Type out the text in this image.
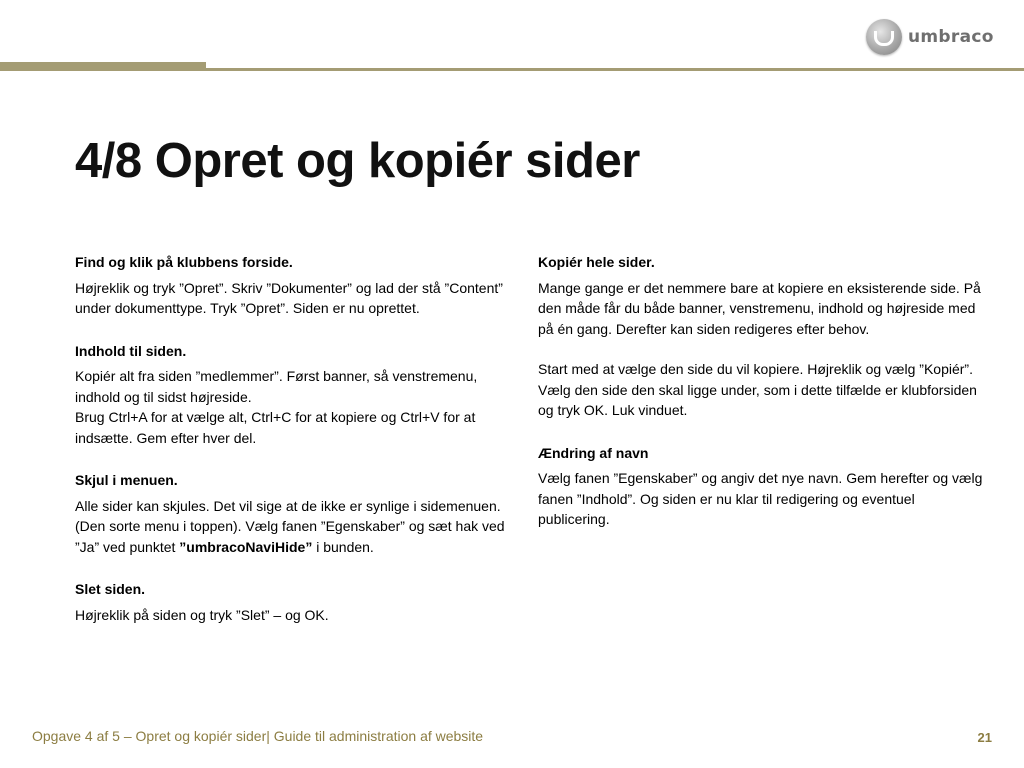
umbraco
4/8 Opret og kopiér sider

Find og klik på klubbens forside.

Højreklik og tryk ”Opret”. Skriv ”Dokumenter” og lad der stå ”Content” under dokumenttype. Tryk ”Opret”. Siden er nu oprettet.

Indhold til siden.

Kopiér alt fra siden ”medlemmer”. Først banner, så venstremenu, indhold og til sidst højreside.
Brug Ctrl+A for at vælge alt, Ctrl+C for at kopiere og Ctrl+V for at indsætte. Gem efter hver del.

Skjul i menuen.

Alle sider kan skjules. Det vil sige at de ikke er synlige i sidemenuen. (Den sorte menu i toppen). Vælg fanen ”Egenskaber” og sæt hak ved ”Ja” ved punktet ”umbracoNaviHide” i bunden.

Slet siden.

Højreklik på siden og tryk ”Slet” – og OK.

Kopiér hele sider.

Mange gange er det nemmere bare at kopiere en eksisterende side. På den måde får du både banner, venstremenu, indhold og højreside med på én gang. Derefter kan siden redigeres efter behov.

Start med at vælge den side du vil kopiere. Højreklik og vælg ”Kopiér”. Vælg den side den skal ligge under, som i dette tilfælde er klubforsiden og tryk OK. Luk vinduet.

Ændring af navn

Vælg fanen ”Egenskaber” og angiv det nye navn. Gem herefter og vælg fanen ”Indhold”. Og siden er nu klar til redigering og eventuel publicering.

Opgave 4 af 5 – Opret og kopiér sider| Guide til administration af website	21
